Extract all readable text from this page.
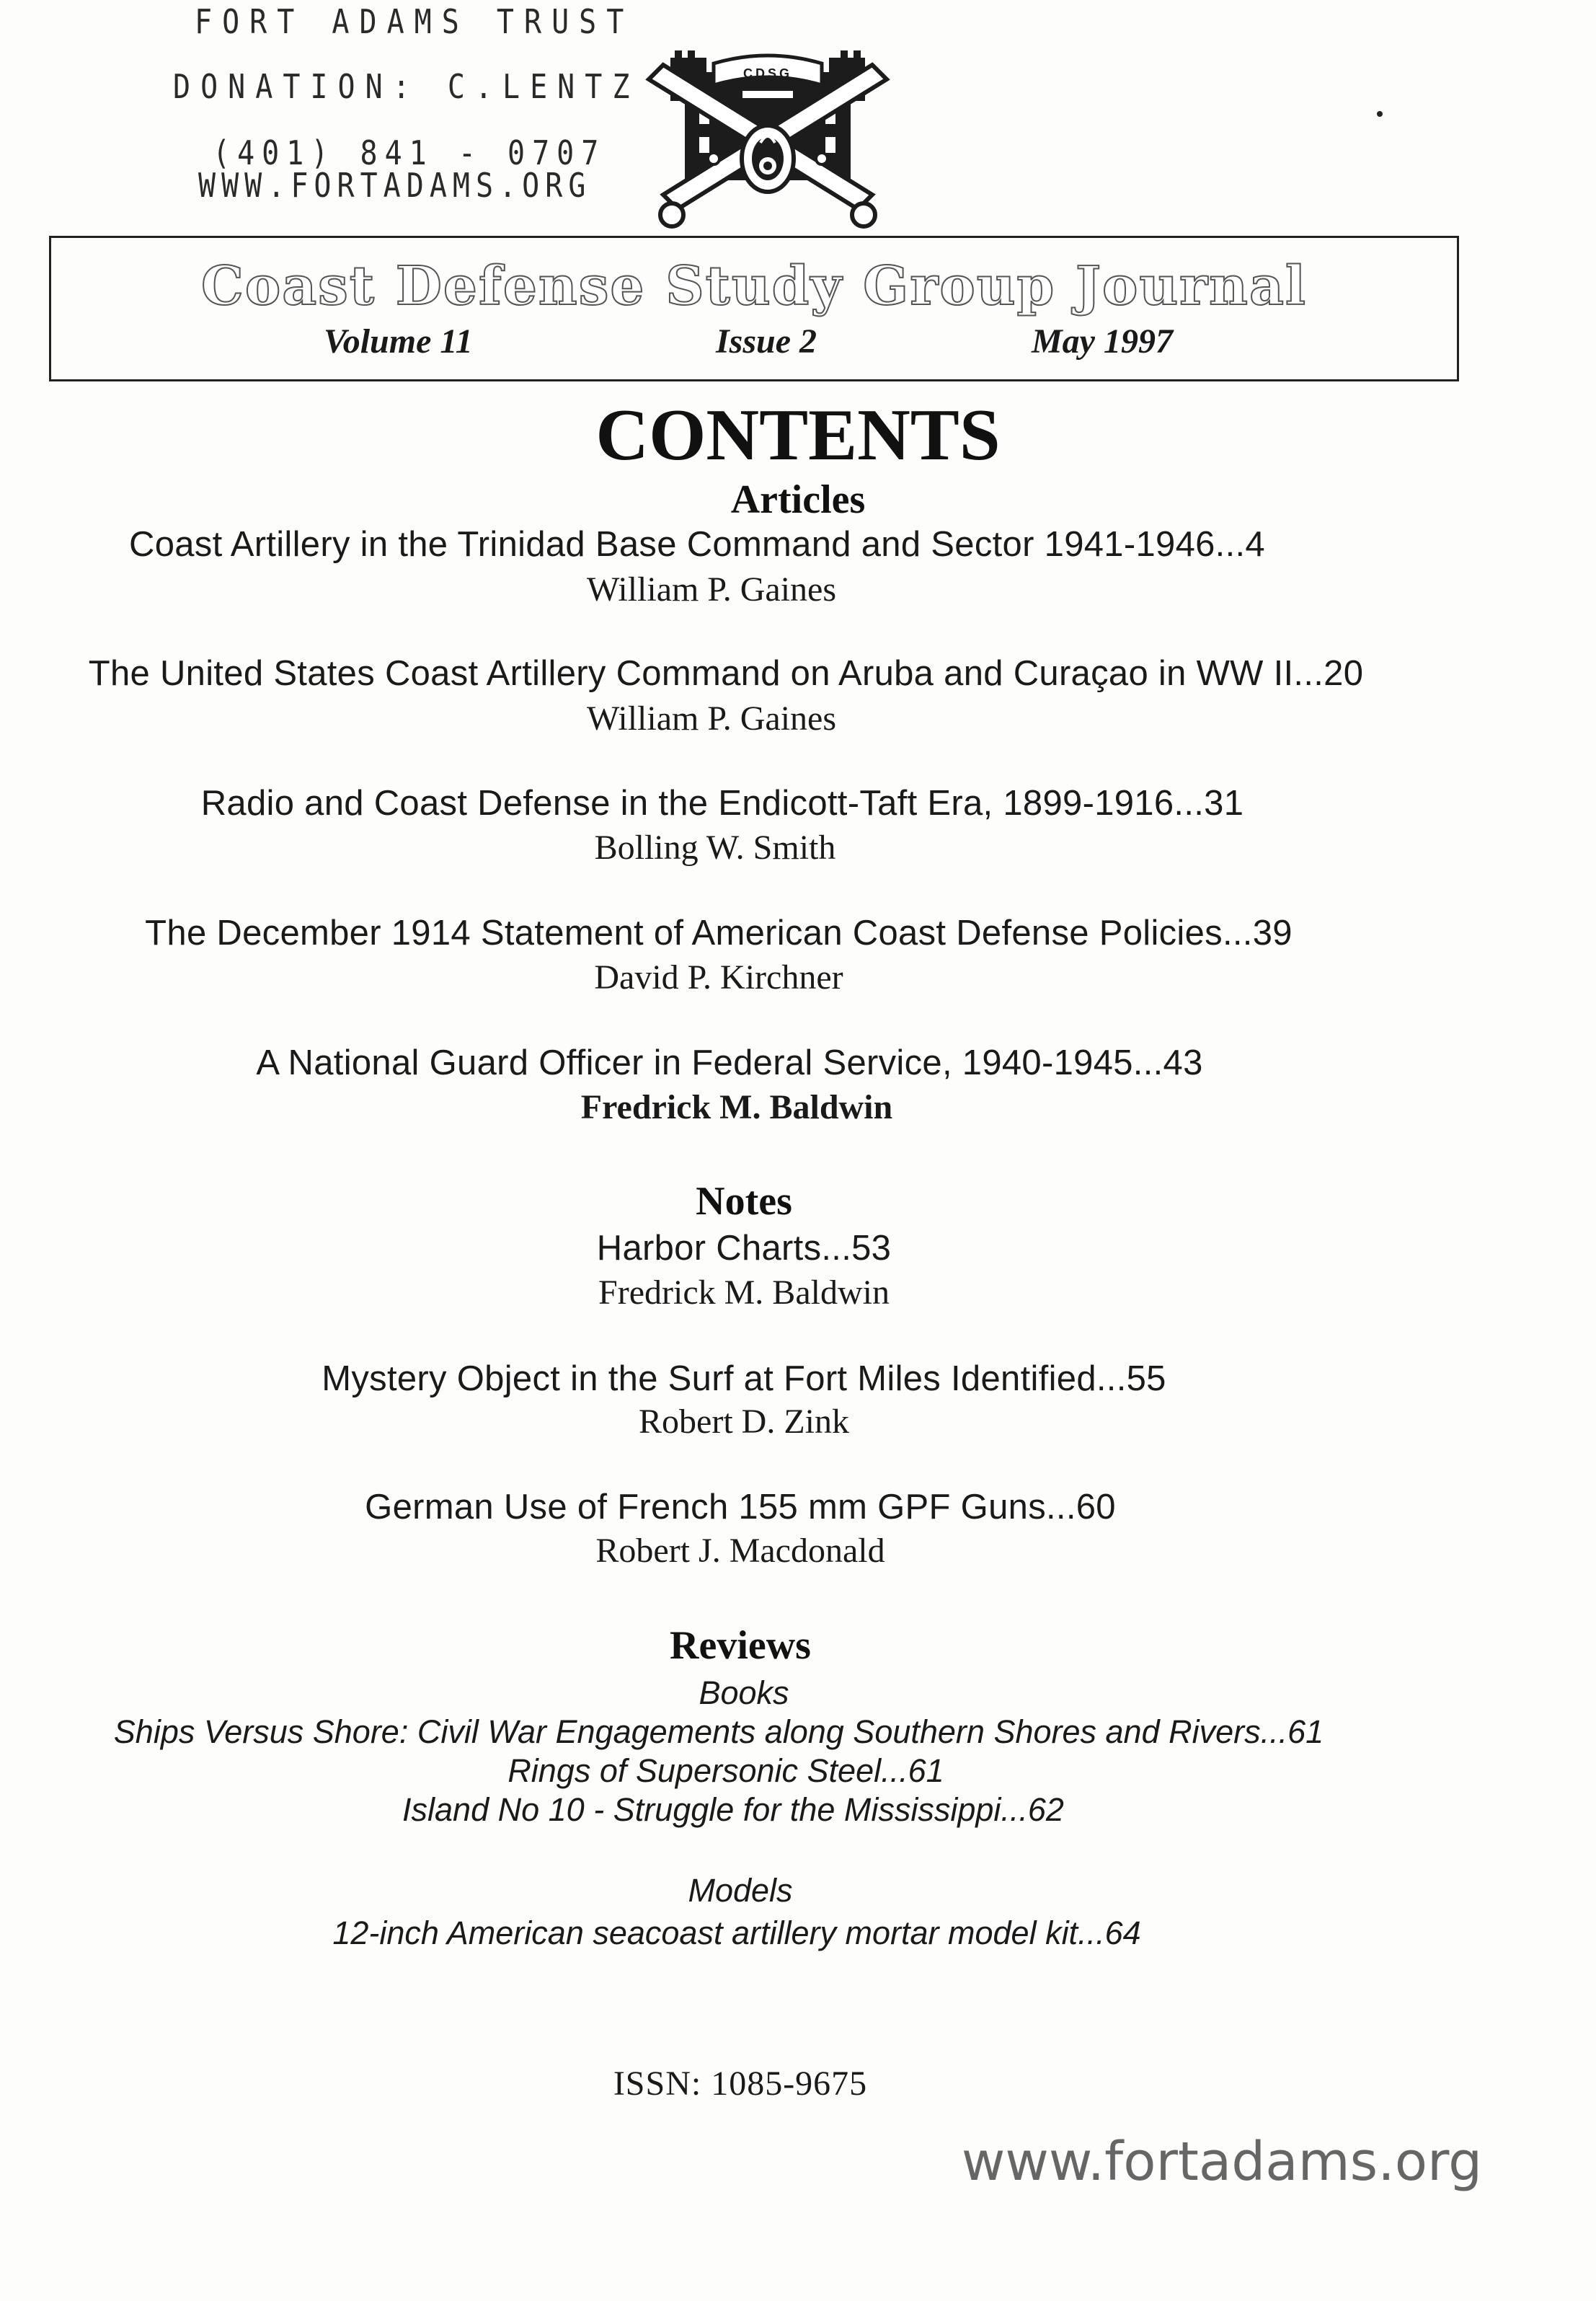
FORT ADAMS TRUST
DONATION: C.LENTZ
(401) 841 - 0707
WWW.FORTADAMS.ORG
CDSG
Coast Defense Study Group Journal
Volume 11	Issue 2	May 1997
CONTENTS
Articles
Coast Artillery in the Trinidad Base Command and Sector 1941-1946...4
William P. Gaines
The United States Coast Artillery Command on Aruba and Curaçao in WW II...20
William P. Gaines
Radio and Coast Defense in the Endicott-Taft Era, 1899-1916...31
Bolling W. Smith
The December 1914 Statement of American Coast Defense Policies...39
David P. Kirchner
A National Guard Officer in Federal Service, 1940-1945...43
Fredrick M. Baldwin
Notes
Harbor Charts...53
Fredrick M. Baldwin
Mystery Object in the Surf at Fort Miles Identified...55
Robert D. Zink
German Use of French 155 mm GPF Guns...60
Robert J. Macdonald
Reviews
Books
Ships Versus Shore: Civil War Engagements along Southern Shores and Rivers...61
Rings of Supersonic Steel...61
Island No 10 - Struggle for the Mississippi...62
Models
12-inch American seacoast artillery mortar model kit...64
ISSN: 1085-9675
www.fortadams.org
